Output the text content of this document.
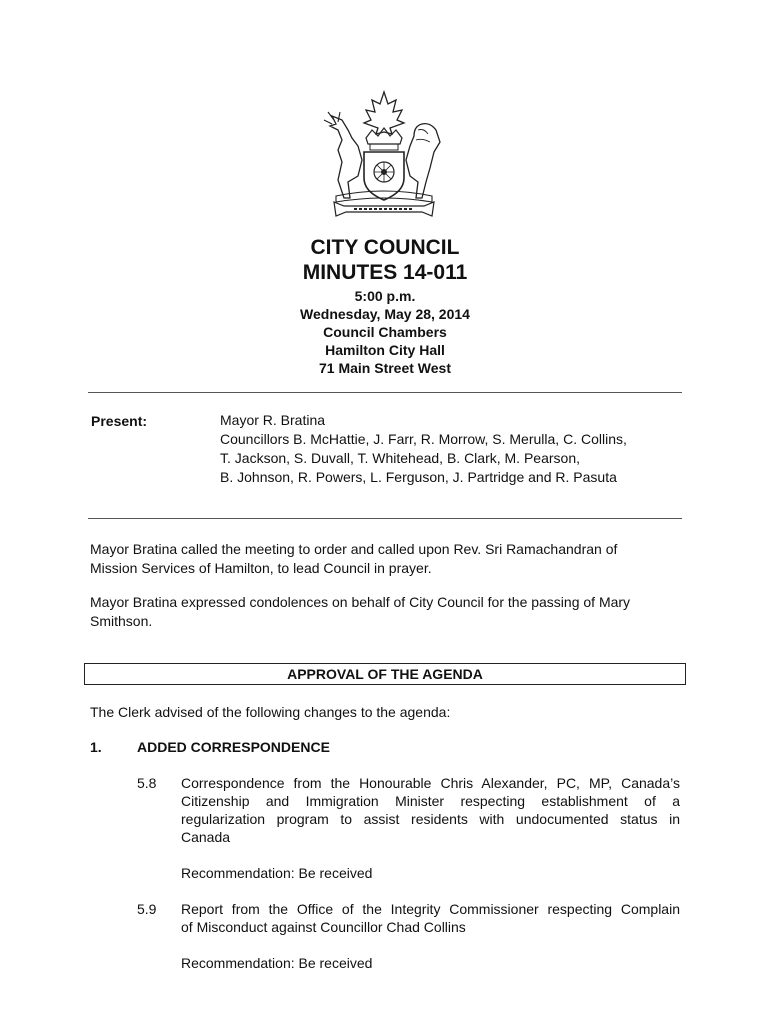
CITY COUNCIL
MINUTES 14-011
5:00 p.m.
Wednesday, May 28, 2014
Council Chambers
Hamilton City Hall
71 Main Street West
Present:	Mayor R. Bratina
Councillors B. McHattie, J. Farr, R. Morrow, S. Merulla, C. Collins,
T. Jackson, S. Duvall, T. Whitehead, B. Clark, M. Pearson,
B. Johnson, R. Powers, L. Ferguson, J. Partridge and R. Pasuta
Mayor Bratina called the meeting to order and called upon Rev. Sri Ramachandran of
Mission Services of Hamilton, to lead Council in prayer.
Mayor Bratina expressed condolences on behalf of City Council for the passing of Mary
Smithson.
APPROVAL OF THE AGENDA
The Clerk advised of the following changes to the agenda:
1.	ADDED CORRESPONDENCE
5.8 Correspondence from the Honourable Chris Alexander, PC, MP, Canada’s
Citizenship and Immigration Minister respecting establishment of a
regularization program to assist residents with undocumented status in
Canada
Recommendation: Be received
5.9 Report from the Office of the Integrity Commissioner respecting Complain
of Misconduct against Councillor Chad Collins
Recommendation: Be received
